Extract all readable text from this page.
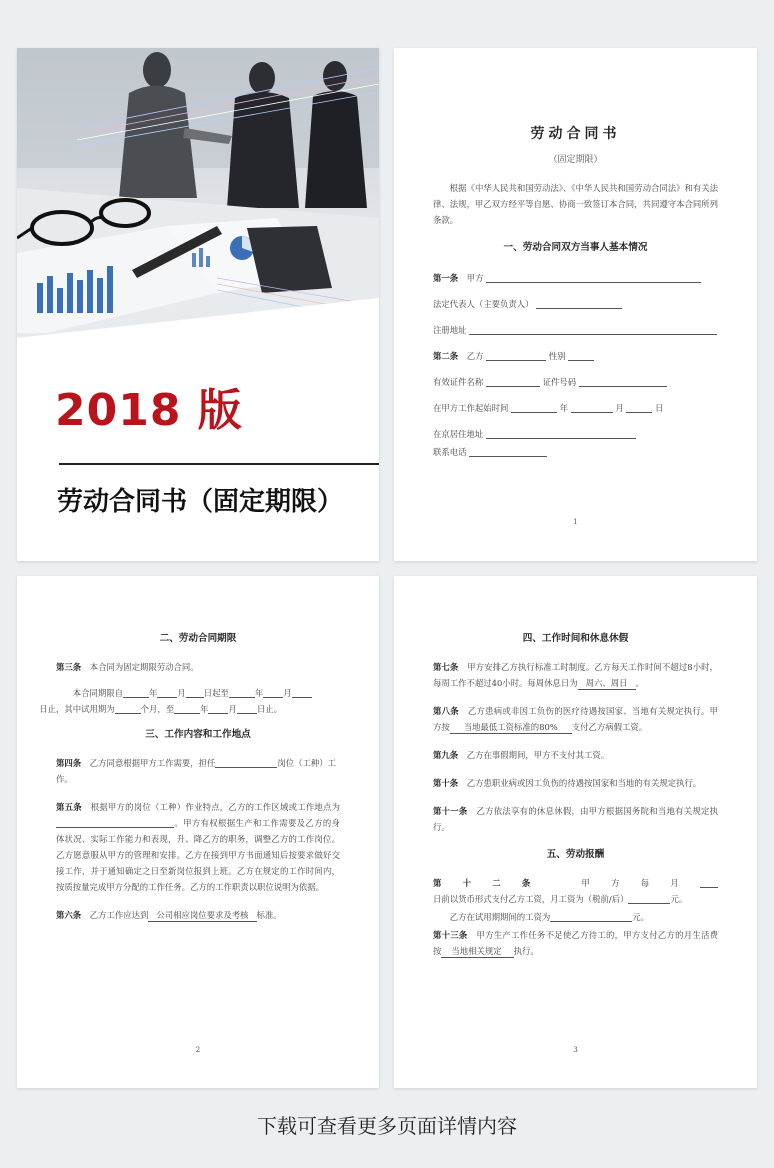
2018 版
劳动合同书（固定期限）
劳动合同书
（固定期限）
根据《中华人民共和国劳动法》、《中华人民共和国劳动合同法》和有关法律、法规，甲乙双方经平等自愿、协商一致签订本合同，共同遵守本合同所列条款。
一、劳动合同双方当事人基本情况
第一条 甲方
法定代表人（主要负责人）
注册地址
第二条 乙方	性别
有效证件名称	证件号码
在甲方工作起始时间	年	月	日
在京居住地址
联系电话
1
二、劳动合同期限
第三条 本合同为固定期限劳动合同。
本合同期限自	年 月 日起至	年 月
日止，其中试用期为	个月，至	年 月 日止。
三、工作内容和工作地点
第四条 乙方同意根据甲方工作需要，担任	岗位（工种）工作。
第五条 根据甲方的岗位（工种）作业特点，乙方的工作区域或工作地点为。甲方有权根据生产和工作需要及乙方的身体状况、实际工作能力和表现，升、降乙方的职务，调整乙方的工作岗位。乙方愿意服从甲方的管理和安排。乙方在接到甲方书面通知后按要求做好交接工作，并于通知确定之日至新岗位报到上班。乙方在规定的工作时间内，按质按量完成甲方分配的工作任务。乙方的工作职责以职位说明为依据。
第六条 乙方工作应达到 公司相应岗位要求及考核 标准。
2
四、工作时间和休息休假
第七条 甲方安排乙方执行标准工时制度。乙方每天工作时间不超过8小时，每周工作不超过40小时。每周休息日为 周六、周日 。
第八条 乙方患病或非因工负伤的医疗待遇按国家、当地有关规定执行。甲方按 当地最低工资标准的80% 支付乙方病假工资。
第九条 乙方在事假期间，甲方不支付其工资。
第十条 乙方患职业病或因工负伤的待遇按国家和当地的有关规定执行。
第十一条 乙方依法享有的休息休假，由甲方根据国务院和当地有关规定执行。
五、劳动报酬
第十二条	甲方每月日前以货币形式支付乙方工资，月工资为（税前/后）	元。
乙方在试用期期间的工资为	元。
第十三条 甲方生产工作任务不足使乙方待工的，甲方支付乙方的月生活费按 当地相关规定 执行。
3
下载可查看更多页面详情内容
